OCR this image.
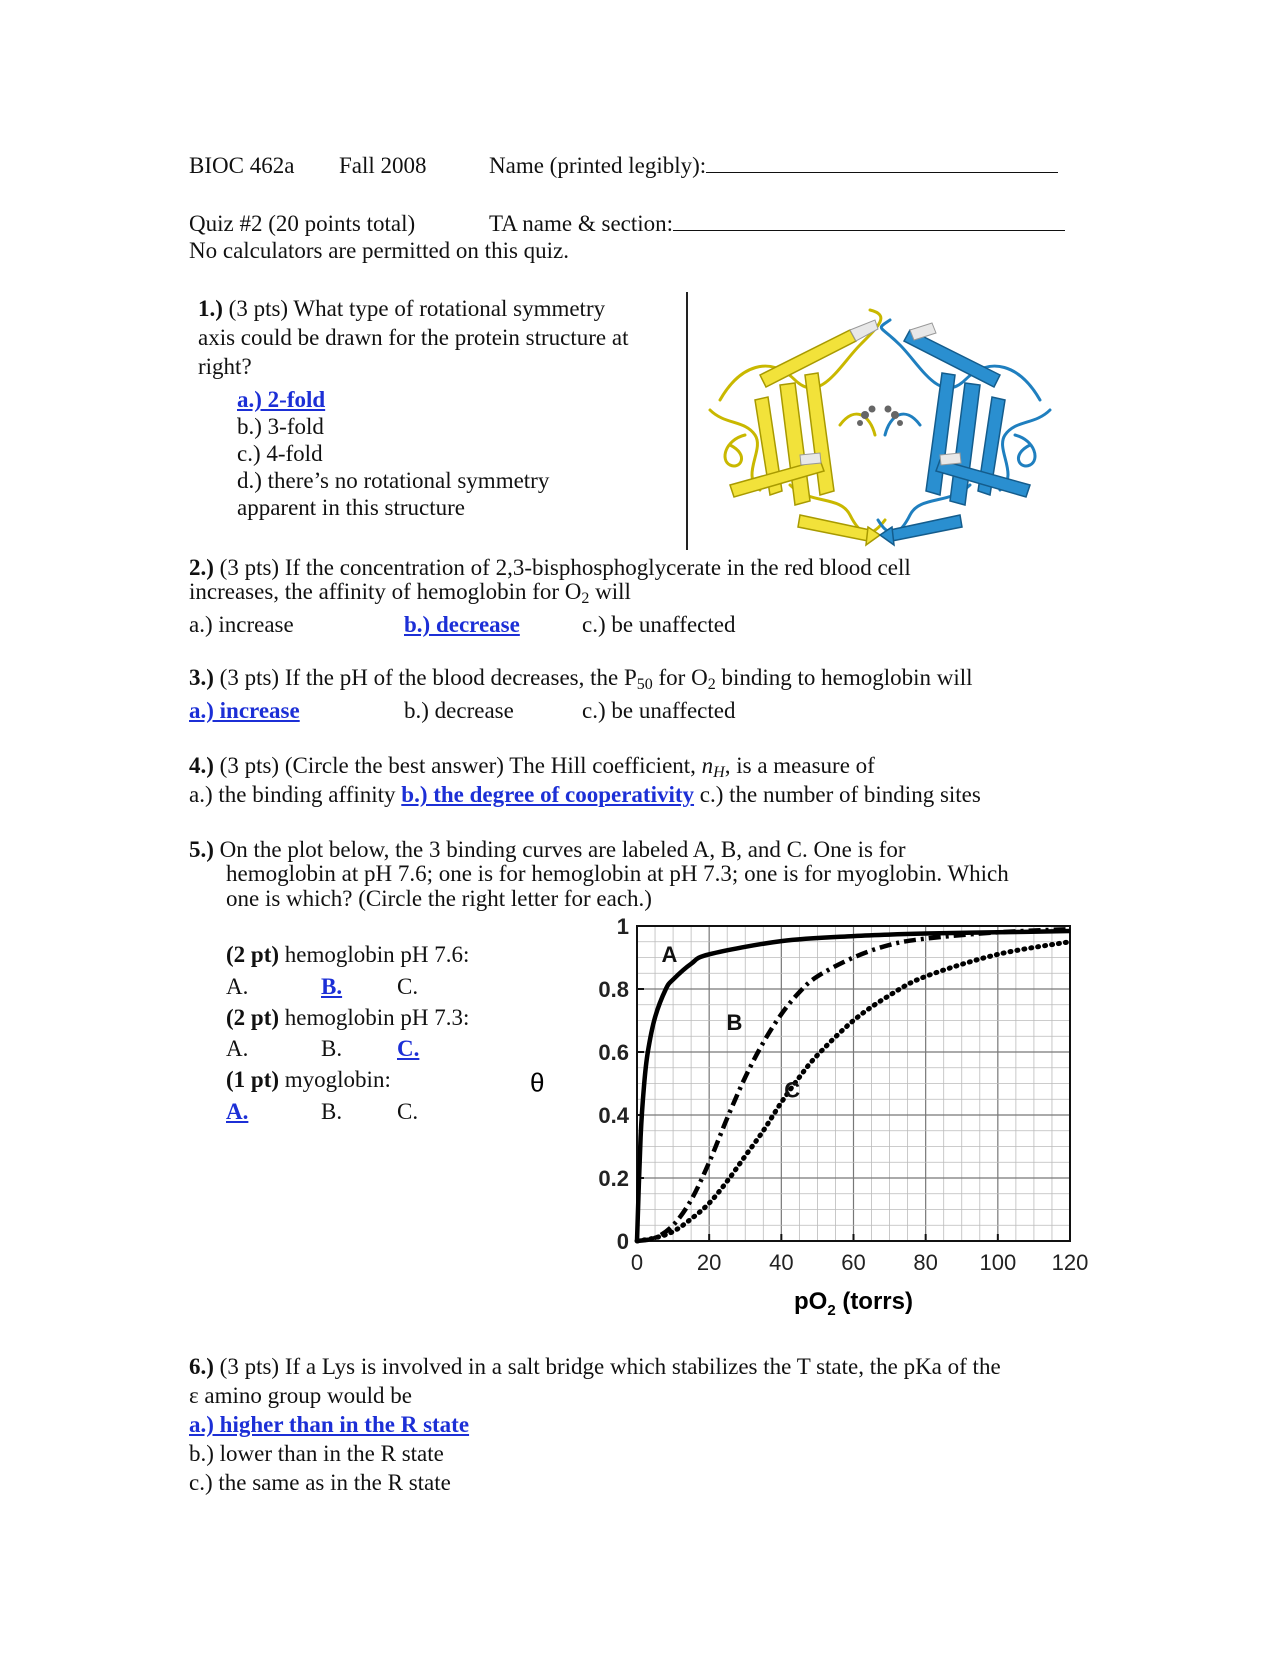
BIOC 462a Fall 2008	Name (printed legibly):
Quiz #2 (20 points total)	TA name & section:
No calculators are permitted on this quiz.
1.) (3 pts) What type of rotational symmetry
axis could be drawn for the protein structure at
right?
a.) 2-fold
b.) 3-fold
c.) 4-fold
d.) there’s no rotational symmetry
apparent in this structure
2.) (3 pts) If the concentration of 2,3-bisphosphoglycerate in the red blood cell
increases, the affinity of hemoglobin for $O_2$ will
a.) increase	b.) decrease	c.) be unaffected
3.) (3 pts) If the pH of the blood decreases, the $P_{50}$ for $O_2$ binding to hemoglobin will
a.) increase	b.) decrease	c.) be unaffected
4.) (3 pts) (Circle the best answer) The Hill coefficient, $n_H$, is a measure of
a.) the binding affinity b.) the degree of cooperativity c.) the number of binding sites
5.) On the plot below, the 3 binding curves are labeled A, B, and C. One is for
hemoglobin at pH 7.6; one is for hemoglobin at pH 7.3; one is for myoglobin. Which
one is which? (Circle the right letter for each.)
(2 pt) hemoglobin pH 7.6:
A.	B. C.
(2 pt) hemoglobin pH 7.3:
A.	B. C.
(1 pt) myoglobin:
A.	B. C.
0 20 40 60 80 100 120
0
0.2
0.4
0.6
0.8
1
A
B
C
θ
$pO_2$ (torrs)
6.) (3 pts) If a Lys is involved in a salt bridge which stabilizes the T state, the pKa of the
ε amino group would be
a.) higher than in the R state
b.) lower than in the R state
c.) the same as in the R state
